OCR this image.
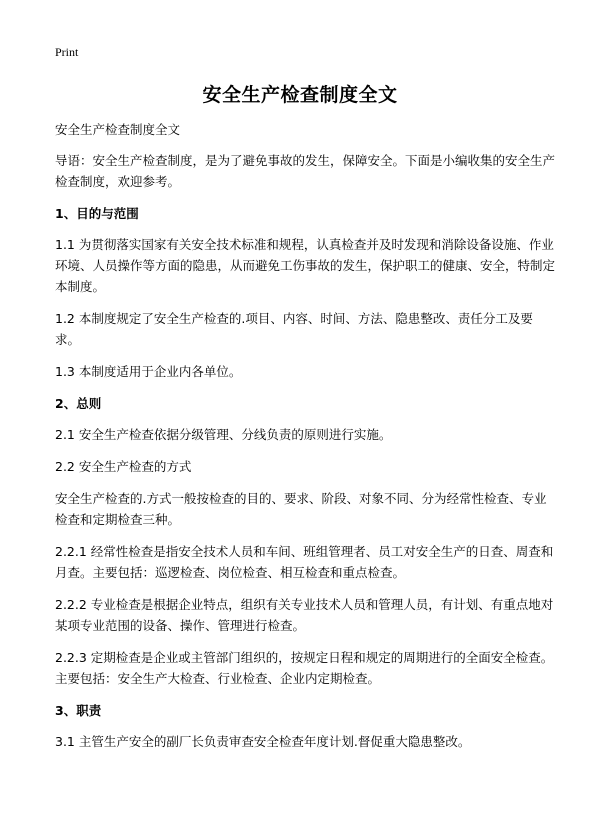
Print
安全生产检查制度全文

安全生产检查制度全文

导语：安全生产检查制度，是为了避免事故的发生，保障安全。下面是小编收集的安全生产检查制度，欢迎参考。

1、目的与范围

1.1 为贯彻落实国家有关安全技术标准和规程，认真检查并及时发现和消除设备设施、作业环境、人员操作等方面的隐患，从而避免工伤事故的发生，保护职工的健康、安全，特制定本制度。

1.2 本制度规定了安全生产检查的.项目、内容、时间、方法、隐患整改、责任分工及要求。

1.3 本制度适用于企业内各单位。

2、总则

2.1 安全生产检查依据分级管理、分线负责的原则进行实施。

2.2 安全生产检查的方式

安全生产检查的.方式一般按检查的目的、要求、阶段、对象不同、分为经常性检查、专业检查和定期检查三种。

2.2.1 经常性检查是指安全技术人员和车间、班组管理者、员工对安全生产的日查、周查和月查。主要包括：巡逻检查、岗位检查、相互检查和重点检查。

2.2.2 专业检查是根据企业特点，组织有关专业技术人员和管理人员，有计划、有重点地对某项专业范围的设备、操作、管理进行检查。

2.2.3 定期检查是企业或主管部门组织的，按规定日程和规定的周期进行的全面安全检查。主要包括：安全生产大检查、行业检查、企业内定期检查。

3、职责

3.1 主管生产安全的副厂长负责审查安全检查年度计划.督促重大隐患整改。
